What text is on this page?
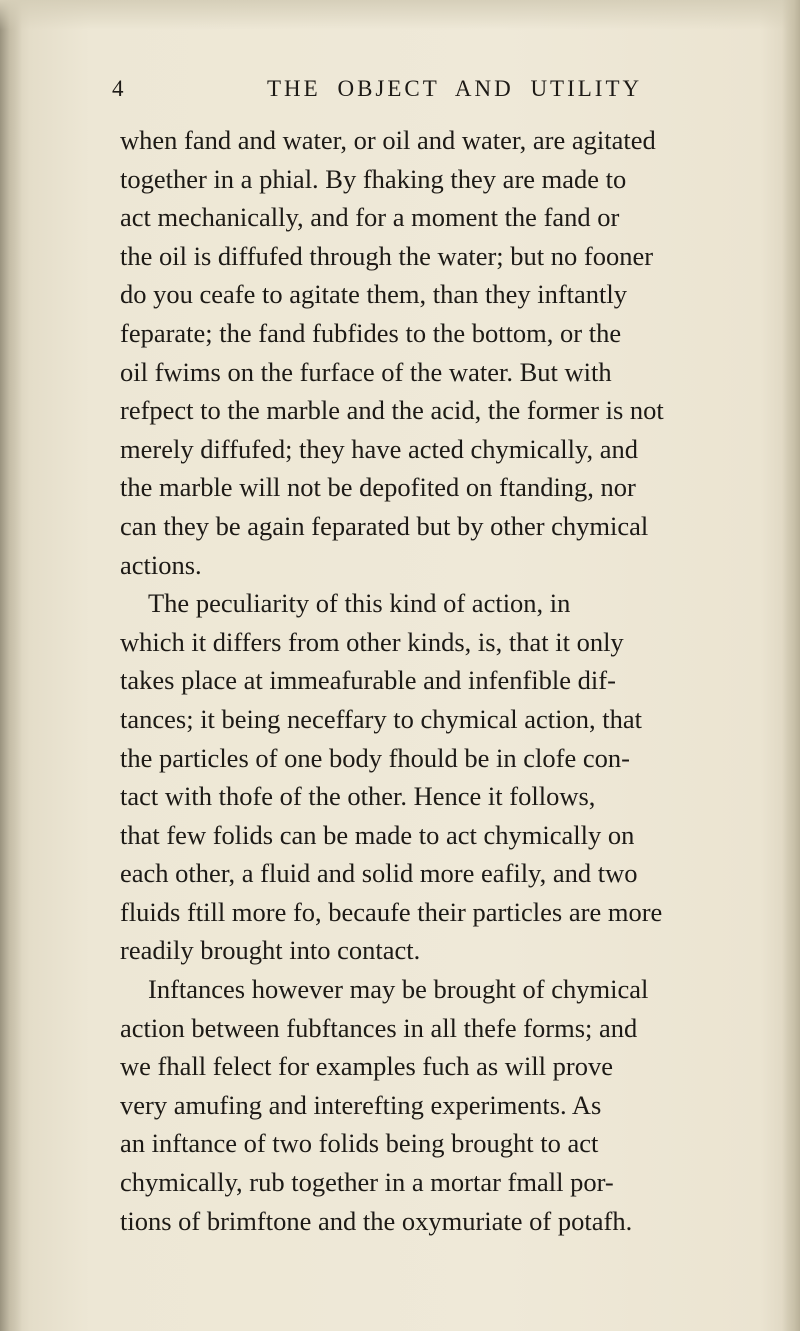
4	THE OBJECT AND UTILITY
when fand and water, or oil and water, are agitated
together in a phial. By fhaking they are made to
act mechanically, and for a moment the fand or
the oil is diffufed through the water; but no fooner
do you ceafe to agitate them, than they inftantly
feparate; the fand fubfides to the bottom, or the
oil fwims on the furface of the water. But with
refpect to the marble and the acid, the former is not
merely diffufed; they have acted chymically, and
the marble will not be depofited on ftanding, nor
can they be again feparated but by other chymical
actions.
The peculiarity of this kind of action, in
which it differs from other kinds, is, that it only
takes place at immeafurable and infenfible dif-
tances; it being neceffary to chymical action, that
the particles of one body fhould be in clofe con-
tact with thofe of the other. Hence it follows,
that few folids can be made to act chymically on
each other, a fluid and solid more eafily, and two
fluids ftill more fo, becaufe their particles are more
readily brought into contact.
Inftances however may be brought of chymical
action between fubftances in all thefe forms; and
we fhall felect for examples fuch as will prove
very amufing and interefting experiments. As
an inftance of two folids being brought to act
chymically, rub together in a mortar fmall por-
tions of brimftone and the oxymuriate of potafh.
